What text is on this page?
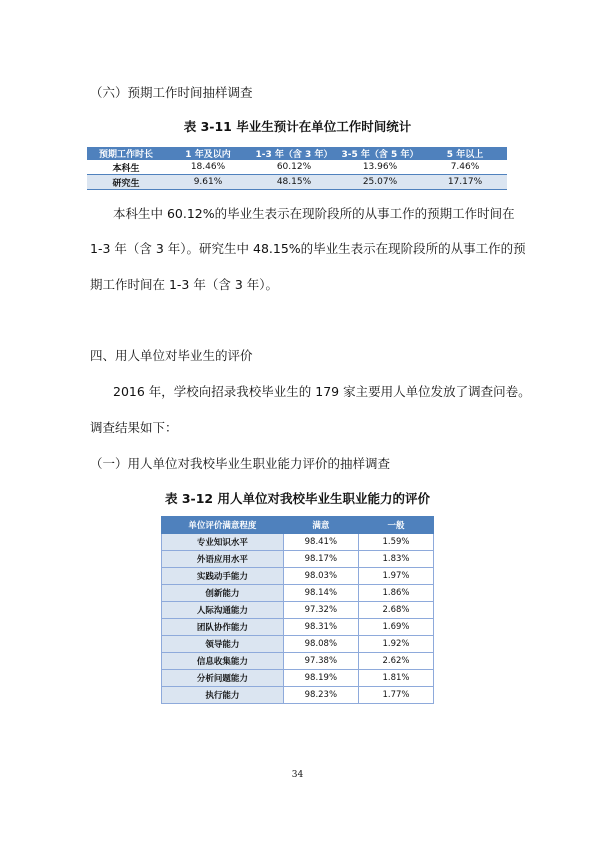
（六）预期工作时间抽样调查
表 3-11 毕业生预计在单位工作时间统计
预期工作时长	1 年及以内	1-3 年（含 3 年）	3-5 年（含 5 年）	5 年以上
本科生	18.46%	60.12%	13.96%	7.46%
研究生	9.61%	48.15%	25.07%	17.17%
本科生中 60.12%的毕业生表示在现阶段所的从事工作的预期工作时间在
1-3 年（含 3 年）。研究生中 48.15%的毕业生表示在现阶段所的从事工作的预
期工作时间在 1-3 年（含 3 年）。
四、用人单位对毕业生的评价
2016 年，学校向招录我校毕业生的 179 家主要用人单位发放了调查问卷。
调查结果如下：
（一）用人单位对我校毕业生职业能力评价的抽样调查
表 3-12 用人单位对我校毕业生职业能力的评价
单位评价满意程度	满意	一般
专业知识水平	98.41%	1.59%
外语应用水平	98.17%	1.83%
实践动手能力	98.03%	1.97%
创新能力	98.14%	1.86%
人际沟通能力	97.32%	2.68%
团队协作能力	98.31%	1.69%
领导能力	98.08%	1.92%
信息收集能力	97.38%	2.62%
分析问题能力	98.19%	1.81%
执行能力	98.23%	1.77%
34
